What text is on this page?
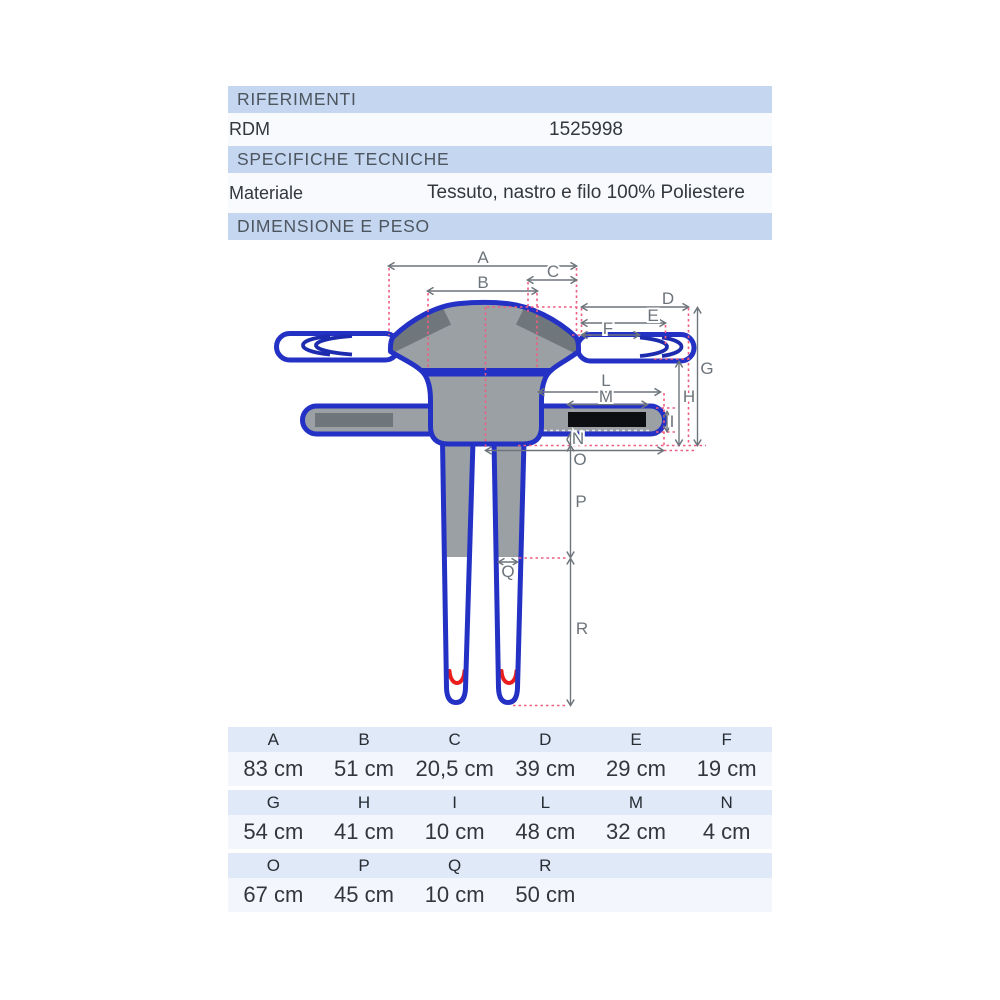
RIFERIMENTI
RDM	1525998
SPECIFICHE TECNICHE
Materiale	Tessuto, nastro e filo 100% Poliestere
DIMENSIONE E PESO
A
B
C
D
E
F
G
H
L
M
I
N
O
P
Q
R
A	B	C	D	E	F
83 cm	51 cm 20,5 cm 39 cm	29 cm	19 cm
G	H	I	L	M	N
54 cm	41 cm	10 cm	48 cm	32 cm	4 cm
O	P	Q	R
67 cm	45 cm	10 cm	50 cm
